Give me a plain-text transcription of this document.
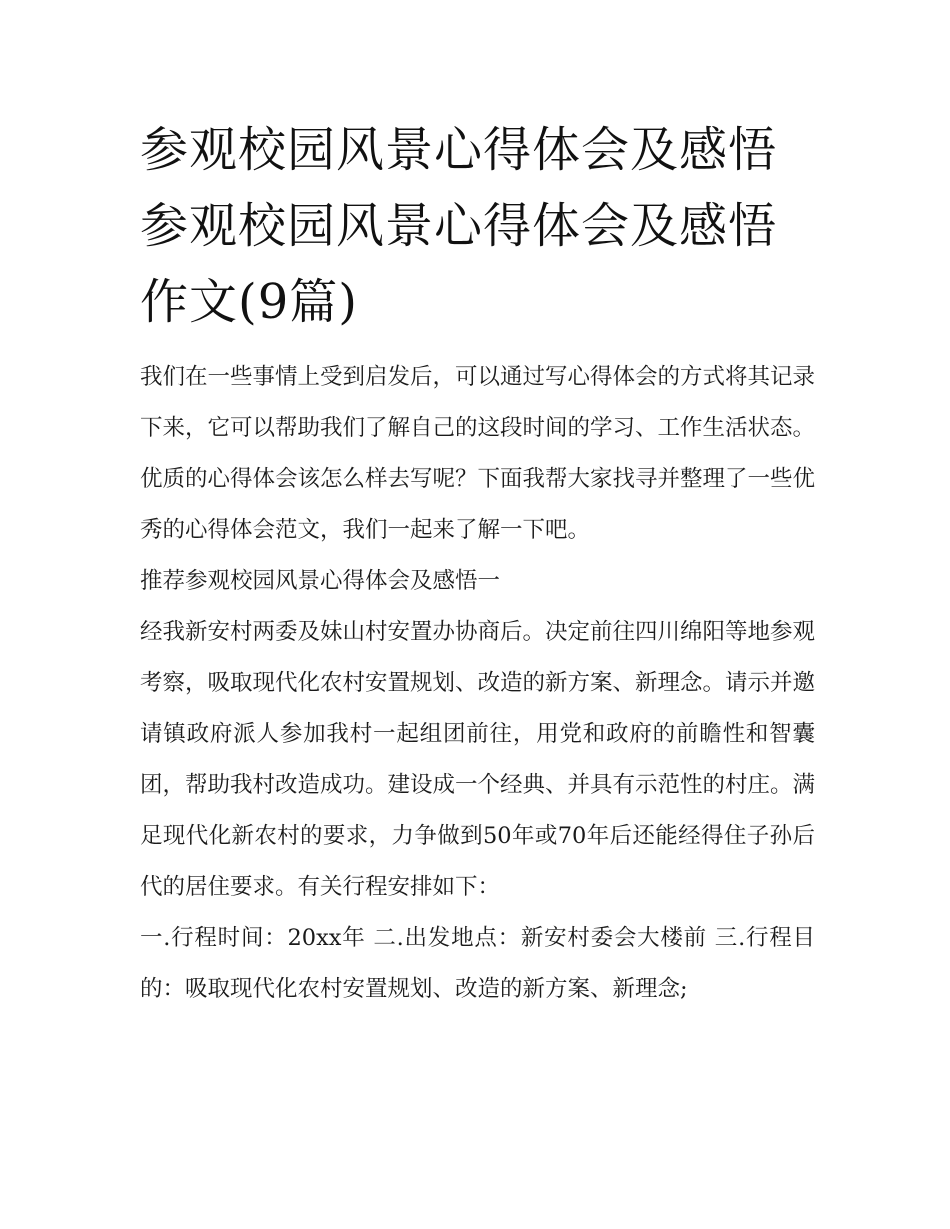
参观校园风景心得体会及感悟参观校园风景心得体会及感悟作文(9篇)

我们在一些事情上受到启发后，可以通过写心得体会的方式将其记录下来，它可以帮助我们了解自己的这段时间的学习、工作生活状态。优质的心得体会该怎么样去写呢？下面我帮大家找寻并整理了一些优秀的心得体会范文，我们一起来了解一下吧。

推荐参观校园风景心得体会及感悟一

经我新安村两委及妹山村安置办协商后。决定前往四川绵阳等地参观考察，吸取现代化农村安置规划、改造的新方案、新理念。请示并邀请镇政府派人参加我村一起组团前往，用党和政府的前瞻性和智囊团，帮助我村改造成功。建设成一个经典、并具有示范性的村庄。满足现代化新农村的要求，力争做到50年或70年后还能经得住子孙后代的居住要求。有关行程安排如下：

一.行程时间：20xx年 二.出发地点：新安村委会大楼前 三.行程目的：吸取现代化农村安置规划、改造的新方案、新理念;
